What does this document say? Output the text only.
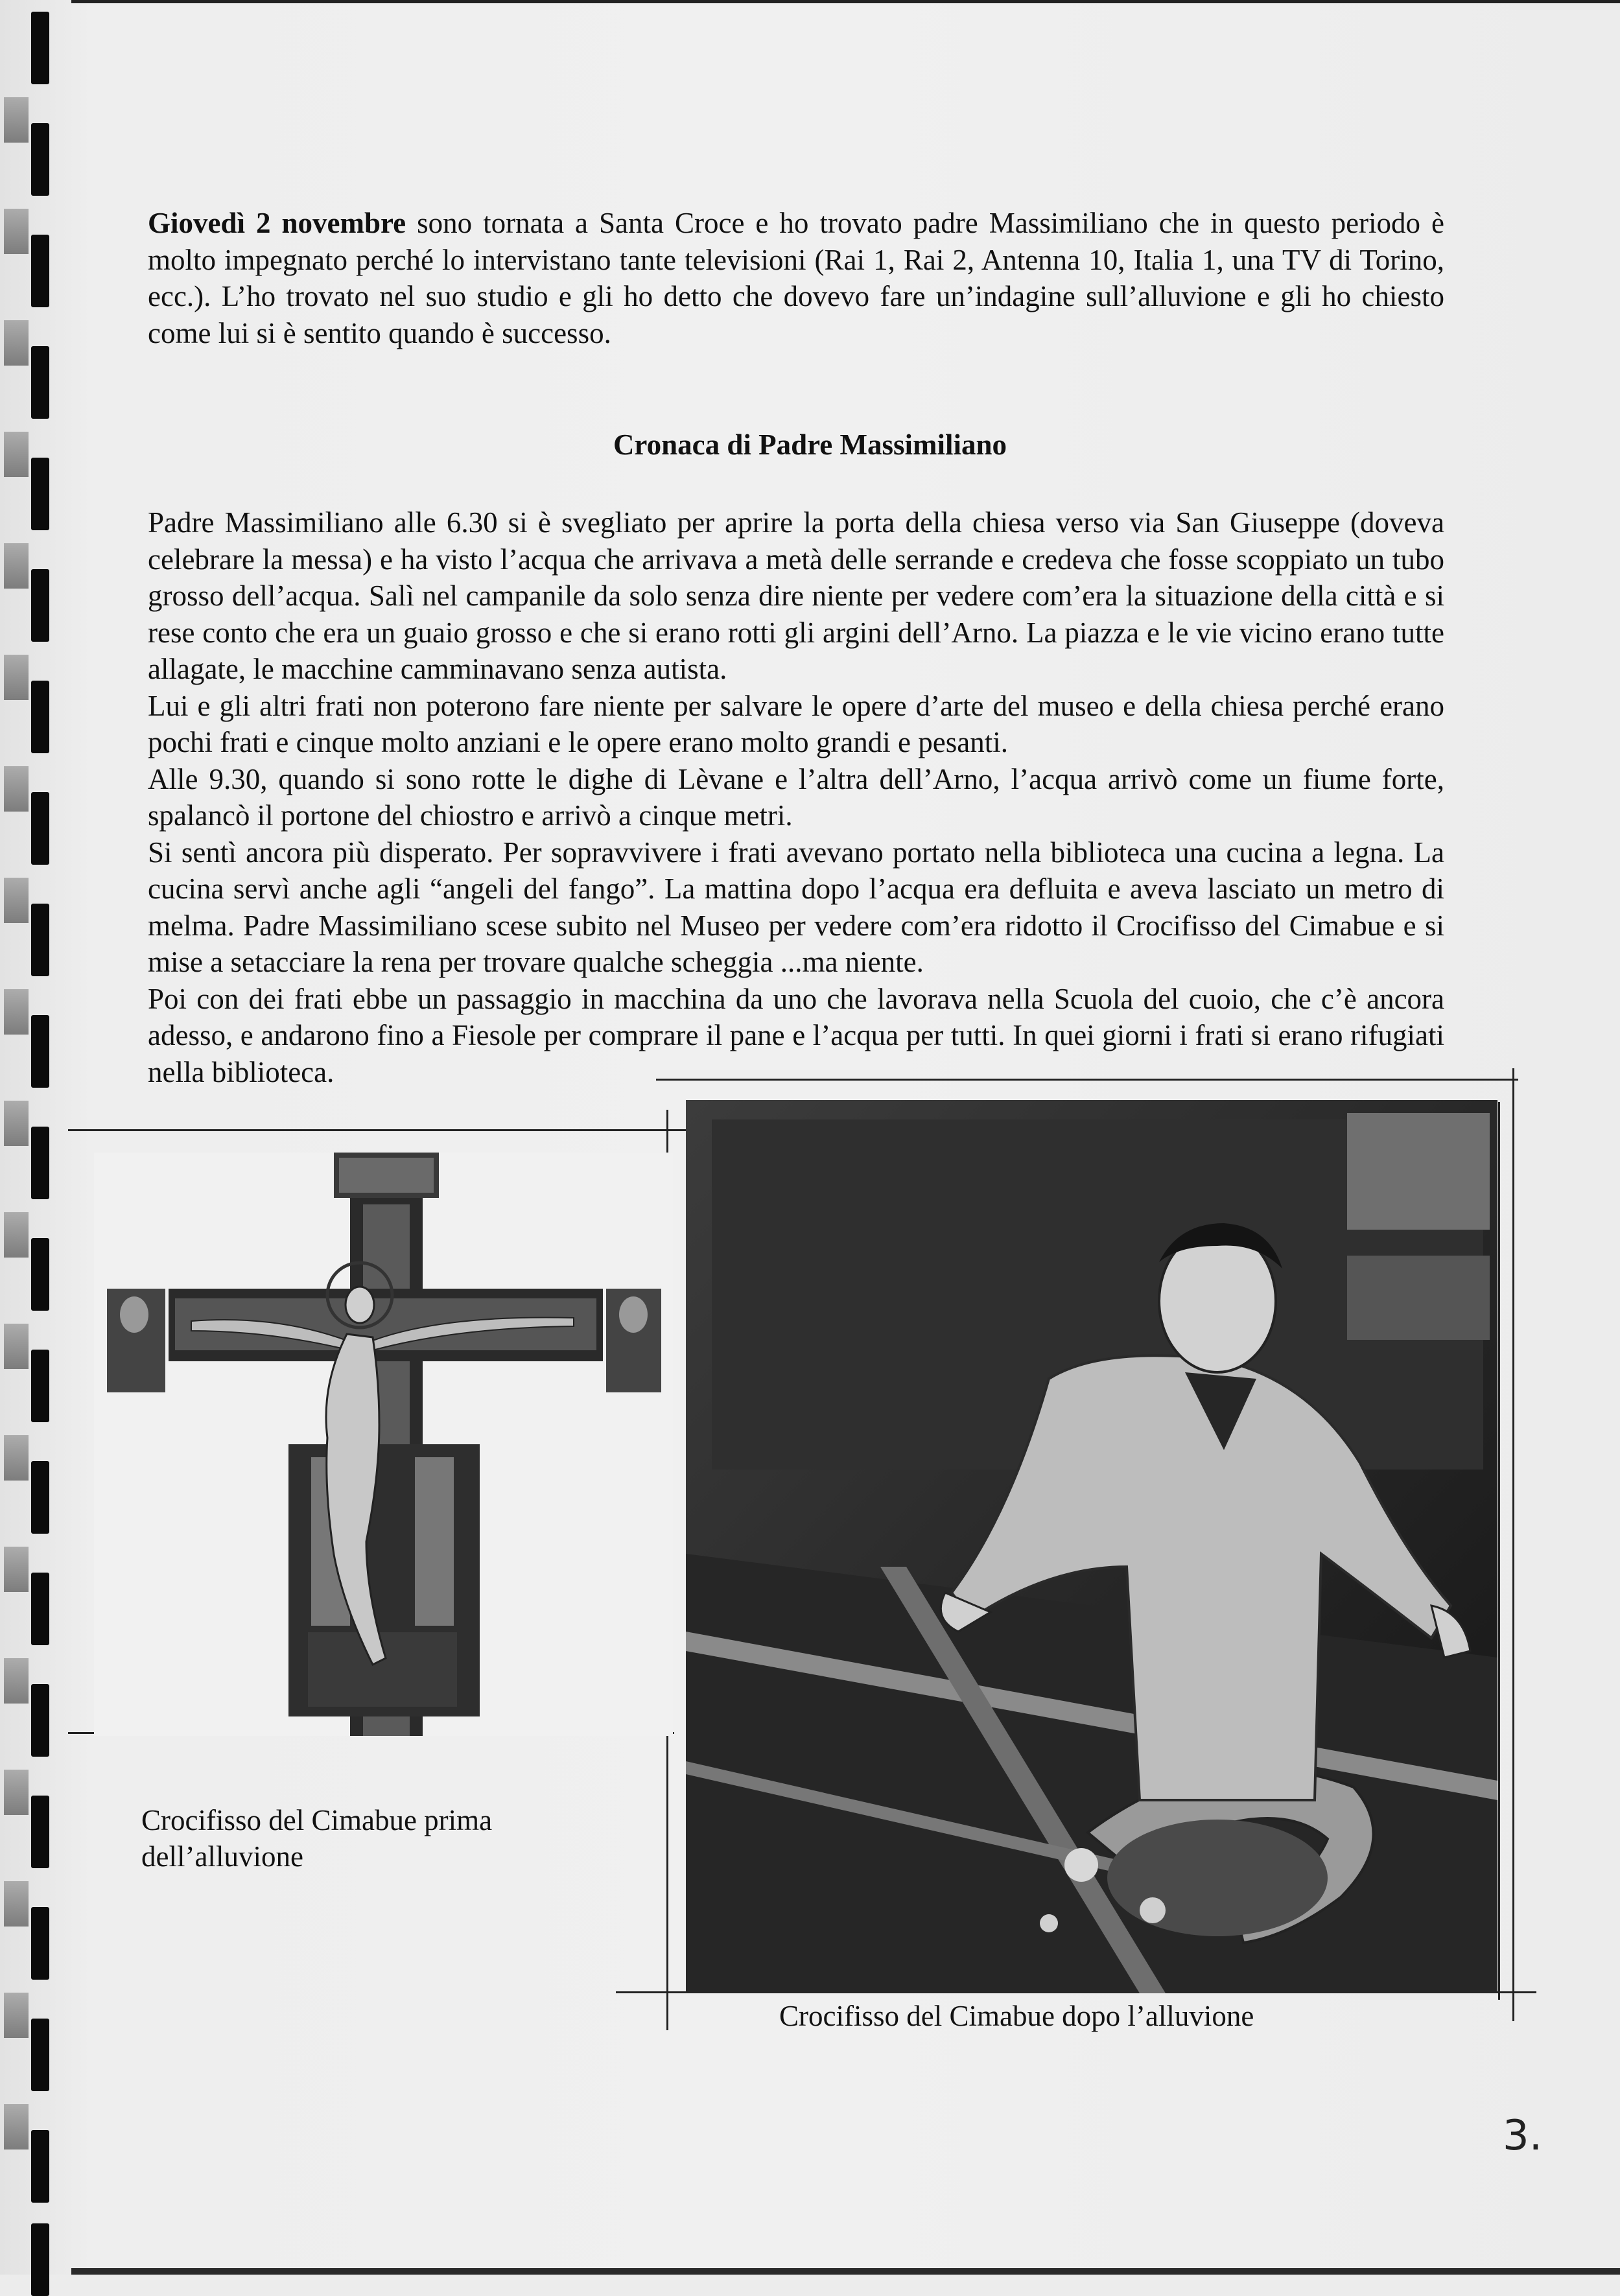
Giovedì 2 novembre sono tornata a Santa Croce e ho trovato padre Massimiliano che in questo periodo è molto impegnato perché lo intervistano tante televisioni (Rai 1, Rai 2, Antenna 10, Italia 1, una TV di Torino, ecc.). L’ho trovato nel suo studio e gli ho detto che dovevo fare un’indagine sull’alluvione e gli ho chiesto come lui si è sentito quando è successo.

Cronaca di Padre Massimiliano

Padre Massimiliano alle 6.30 si è svegliato per aprire la porta della chiesa verso via San Giuseppe (doveva celebrare la messa) e ha visto l’acqua che arrivava a metà delle serrande e credeva che fosse scoppiato un tubo grosso dell’acqua. Salì nel campanile da solo senza dire niente per vedere com’era la situazione della città e si rese conto che era un guaio grosso e che si erano rotti gli argini dell’Arno. La piazza e le vie vicino erano tutte allagate, le macchine camminavano senza autista.

Lui e gli altri frati non poterono fare niente per salvare le opere d’arte del museo e della chiesa perché erano pochi frati e cinque molto anziani e le opere erano molto grandi e pesanti.

Alle 9.30, quando si sono rotte le dighe di Lèvane e l’altra dell’Arno, l’acqua arrivò come un fiume forte, spalancò il portone del chiostro e arrivò a cinque metri.

Si sentì ancora più disperato. Per sopravvivere i frati avevano portato nella biblioteca una cucina a legna. La cucina servì anche agli “angeli del fango”. La mattina dopo l’acqua era defluita e aveva lasciato un metro di melma. Padre Massimiliano scese subito nel Museo per vedere com’era ridotto il Crocifisso del Cimabue e si mise a setacciare la rena per trovare qualche scheggia ...ma niente.

Poi con dei frati ebbe un passaggio in macchina da uno che lavorava nella Scuola del cuoio, che c’è ancora adesso, e andarono fino a Fiesole per comprare il pane e l’acqua per tutti. In quei giorni i frati si erano rifugiati nella biblioteca.

Crocifisso del Cimabue prima dell’alluvione

Crocifisso del Cimabue dopo l’alluvione

3.
